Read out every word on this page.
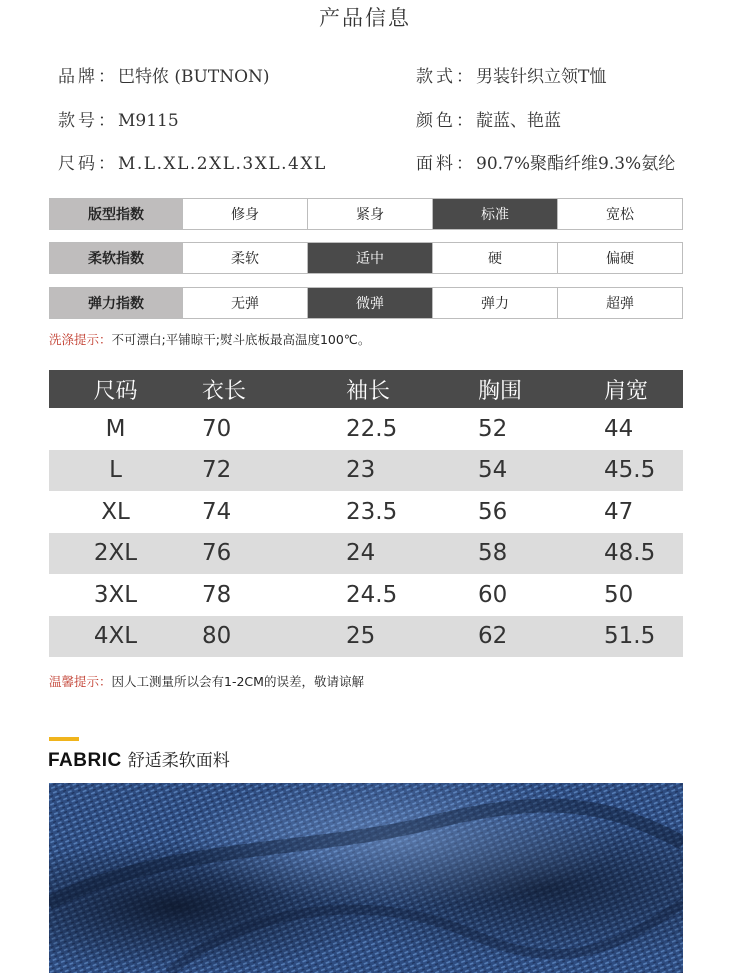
产品信息
品牌：巴特侬 (BUTNON)	款式：男装针织立领T恤
款号：M9115	颜色：靛蓝、艳蓝
尺码：M.L.XL.2XL.3XL.4XL	面料：90.7%聚酯纤维9.3%氨纶
版型指数	修身	紧身	标准	宽松
柔软指数	柔软	适中	硬	偏硬
弹力指数	无弹	微弹	弹力	超弹
洗涤提示：不可漂白;平铺晾干;熨斗底板最高温度100℃。
尺码	衣长	袖长	胸围	肩宽
M	70	22.5	52	44
L	72	23	54	45.5
XL	74	23.5	56	47
2XL	76	24	58	48.5
3XL	78	24.5	60	50
4XL	80	25	62	51.5
温馨提示：因人工测量所以会有1-2CM的误差，敬请谅解
FABRIC 舒适柔软面料
